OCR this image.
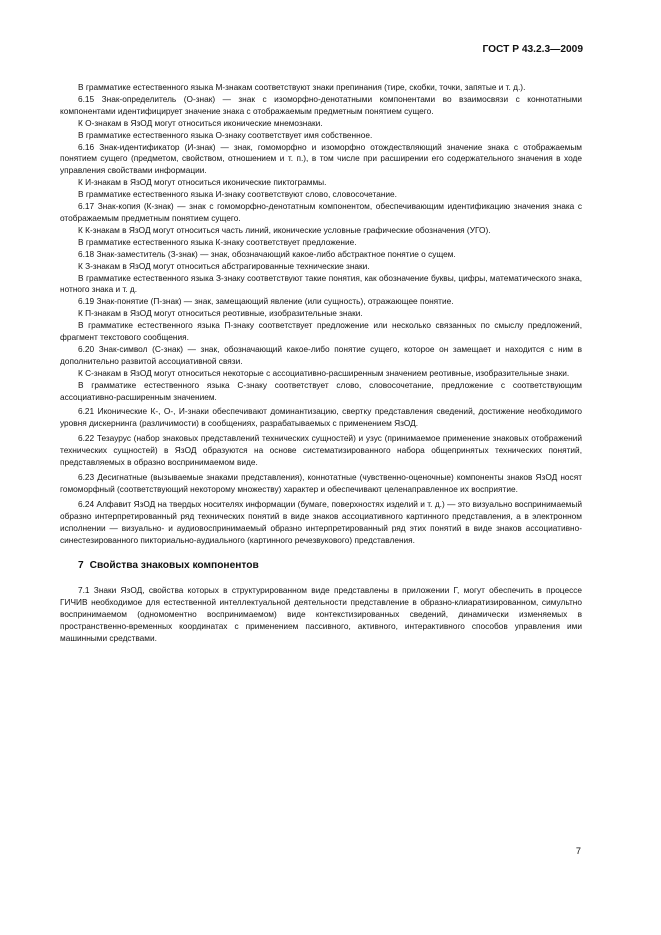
ГОСТ Р 43.2.3—2009

В грамматике естественного языка М-знакам соответствуют знаки препинания (тире, скобки, точки, запятые и т. д.).

6.15 Знак-определитель (О-знак) — знак с изоморфно-денотатными компонентами во взаимосвязи с коннотатными компонентами идентифицирует значение знака с отображаемым предметным понятием сущего.

К О-знакам в ЯзОД могут относиться иконические мнемознаки.

В грамматике естественного языка О-знаку соответствует имя собственное.

6.16 Знак-идентификатор (И-знак) — знак, гомоморфно и изоморфно отождествляющий значение знака с отображаемым понятием сущего (предметом, свойством, отношением и т. п.), в том числе при расширении его содержательного значения в ходе управления свойствами информации.

К И-знакам в ЯзОД могут относиться иконические пиктограммы.

В грамматике естественного языка И-знаку соответствуют слово, словосочетание.

6.17 Знак-копия (К-знак) — знак с гомоморфно-денотатным компонентом, обеспечивающим идентификацию значения знака с отображаемым предметным понятием сущего.

К К-знакам в ЯзОД могут относиться часть линий, иконические условные графические обозначения (УГО).

В грамматике естественного языка К-знаку соответствует предложение.

6.18 Знак-заместитель (З-знак) — знак, обозначающий какое-либо абстрактное понятие о сущем.

К З-знакам в ЯзОД могут относиться абстрагированные технические знаки.

В грамматике естественного языка З-знаку соответствуют такие понятия, как обозначение буквы, цифры, математического знака, нотного знака и т. д.

6.19 Знак-понятие (П-знак) — знак, замещающий явление (или сущность), отражающее понятие.

К П-знакам в ЯзОД могут относиться реотивные, изобразительные знаки.

В грамматике естественного языка П-знаку соответствует предложение или несколько связанных по смыслу предложений, фрагмент текстового сообщения.

6.20 Знак-символ (С-знак) — знак, обозначающий какое-либо понятие сущего, которое он замещает и находится с ним в дополнительно развитой ассоциативной связи.

К С-знакам в ЯзОД могут относиться некоторые с ассоциативно-расширенным значением реотивные, изобразительные знаки.

В грамматике естественного языка С-знаку соответствует слово, словосочетание, предложение с соответствующим ассоциативно-расширенным значением.

6.21 Иконические К-, О-, И-знаки обеспечивают доминантизацию, свертку представления сведений, достижение необходимого уровня дискернинга (различимости) в сообщениях, разрабатываемых с применением ЯзОД.

6.22 Тезаурус (набор знаковых представлений технических сущностей) и узус (принимаемое применение знаковых отображений технических сущностей) в ЯзОД образуются на основе систематизированного набора общепринятых технических понятий, представляемых в образно воспринимаемом виде.

6.23 Десигнатные (вызываемые знаками представления), коннотатные (чувственно-оценочные) компоненты знаков ЯзОД носят гомоморфный (соответствующий некоторому множеству) характер и обеспечивают целенаправленное их восприятие.

6.24 Алфавит ЯзОД на твердых носителях информации (бумаге, поверхностях изделий и т. д.) — это визуально воспринимаемый образно интерпретированный ряд технических понятий в виде знаков ассоциативного картинного представления, а в электронном исполнении — визуально- и аудиовоспринимаемый образно интерпретированный ряд этих понятий в виде знаков ассоциативно-синестезированного пикториально-аудиального (картинного речезвукового) представления.

7 Свойства знаковых компонентов

7.1 Знаки ЯзОД, свойства которых в структурированном виде представлены в приложении Г, могут обеспечить в процессе ГИЧИВ необходимое для естественной интеллектуальной деятельности представление в образно-клиаратизированном, симультно воспринимаемом (одномоментно воспринимаемом) виде контекстизированных сведений, динамически изменяемых в пространственно-временных координатах с применением пассивного, активного, интерактивного способов управления ими машинными средствами.

7
